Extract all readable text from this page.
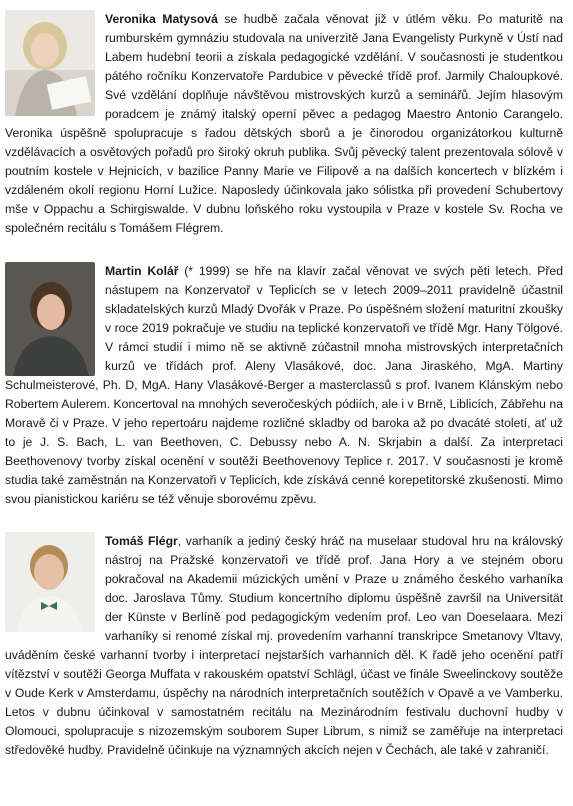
Veronika Matysová se hudbě začala věnovat již v útlém věku. Po maturitě na rumburském gymnáziu studovala na univerzitě Jana Evangelisty Purkyně v Ústí nad Labem hudební teorii a získala pedagogické vzdělání. V současnosti je studentkou pátého ročníku Konzervatoře Pardubice v pěvecké třídě prof. Jarmily Chaloupkové. Své vzdělání doplňuje návštěvou mistrovských kurzů a seminářů. Jejím hlasovým poradcem je známý italský operní pěvec a pedagog Maestro Antonio Carangelo. Veronika úspěšně spolupracuje s řadou dětských sborů a je činorodou organizátorkou kulturně vzdělávacích a osvětových pořadů pro široký okruh publika. Svůj pěvecký talent prezentovala sólově v poutním kostele v Hejnicích, v bazilice Panny Marie ve Filipově a na dalších koncertech v blízkém i vzdáleném okolí regionu Horní Lužice. Naposledy účinkovala jako sólistka při provedení Schubertovy mše v Oppachu a Schirgiswalde. V dubnu loňského roku vystoupila v Praze v kostele Sv. Rocha ve společném recitálu s Tomášem Flégrem.

Martin Kolář (* 1999) se hře na klavír začal věnovat ve svých pěti letech. Před nástupem na Konzervatoř v Teplicích se v letech 2009–2011 pravidelně účastnil skladatelských kurzů Mladý Dvořák v Praze. Po úspěšném složení maturitní zkoušky v roce 2019 pokračuje ve studiu na teplické konzervatoři ve třídě Mgr. Hany Tölgové. V rámci studií i mimo ně se aktivně zúčastnil mnoha mistrovských interpretačních kurzů ve třídách prof. Aleny Vlasákové, doc. Jana Jiraského, MgA. Martiny Schulmeisterové, Ph. D, MgA. Hany Vlasákové-Berger a masterclassů s prof. Ivanem Klánským nebo Robertem Aulerem. Koncertoval na mnohých severočeských pódiích, ale i v Brně, Liblicích, Zábřehu na Moravě či v Praze. V jeho repertoáru najdeme rozličné skladby od baroka až po dvacáté století, ať už to je J. S. Bach, L. van Beethoven, C. Debussy nebo A. N. Skrjabin a další. Za interpretaci Beethovenovy tvorby získal ocenění v soutěži Beethovenovy Teplice r. 2017. V současnosti je kromě studia také zaměstnán na Konzervatoři v Teplicích, kde získává cenné korepetitorské zkušenosti. Mimo svou pianistickou kariéru se též věnuje sborovému zpěvu.

Tomáš Flégr, varhaník a jediný český hráč na muselaar studoval hru na královský nástroj na Pražské konzervatoři ve třídě prof. Jana Hory a ve stejném oboru pokračoval na Akademii múzických umění v Praze u známého českého varhaníka doc. Jaroslava Tůmy. Studium koncertního diplomu úspěšně završil na Universität der Künste v Berlíně pod pedagogickým vedením prof. Leo van Doeselaara. Mezi varhaníky si renomé získal mj. provedením varhanní transkripce Smetanovy Vltavy, uváděním české varhanní tvorby i interpretací nejstarších varhanních děl. K řadě jeho ocenění patří vítězství v soutěži Georga Muffata v rakouském opatství Schlägl, účast ve finále Sweelinckovy soutěže v Oude Kerk v Amsterdamu, úspěchy na národních interpretačních soutěžích v Opavě a ve Vamberku. Letos v dubnu účinkoval v samostatném recitálu na Mezinárodním festivalu duchovní hudby v Olomouci, spolupracuje s nizozemským souborem Super Librum, s nimiž se zaměřuje na interpretaci středověké hudby. Pravidelně účinkuje na významných akcích nejen v Čechách, ale také v zahraničí.
